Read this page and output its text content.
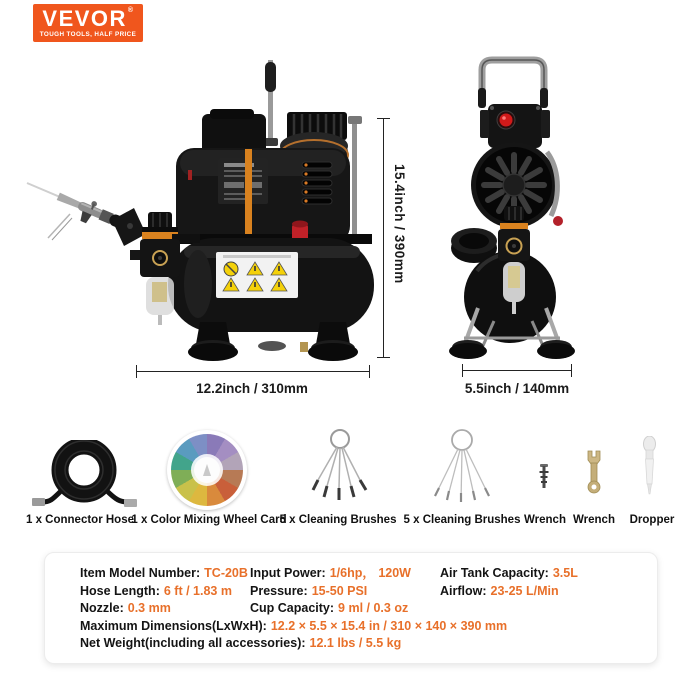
VEVOR®
TOUGH TOOLS, HALF PRICE
15.4inch / 390mm
12.2inch / 310mm	5.5inch / 140mm
1 x Connector Hose
1 x Color Mixing Wheel Card
5 x Cleaning Brushes 5 x Cleaning Brushes Wrench Wrench	Dropper
Item Model Number: TC-20B Input Power: 1/6hp， 120W Air Tank Capacity: 3.5L
Hose Length: 6 ft / 1.83 m Pressure: 15-50 PSI	Airflow: 23-25 L/Min
Nozzle: 0.3 mm	Cup Capacity: 9 ml / 0.3 oz
Maximum Dimensions(LxWxH): 12.2 × 5.5 × 15.4 in / 310 × 140 × 390 mm
Net Weight(including all accessories): 12.1 lbs / 5.5 kg
